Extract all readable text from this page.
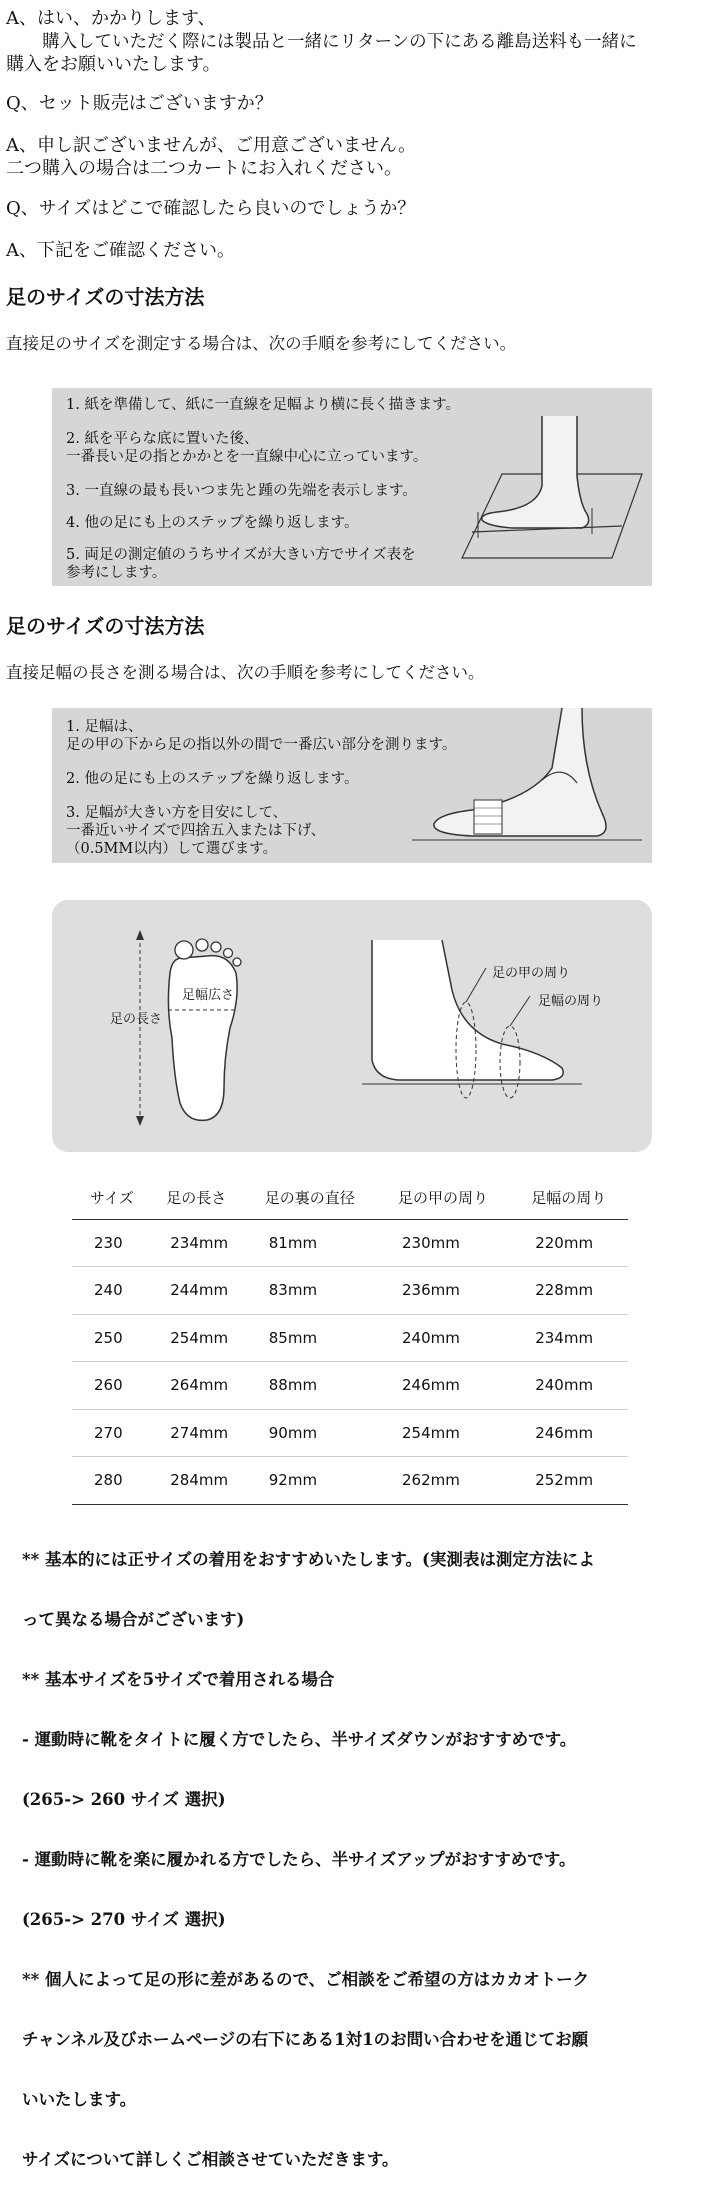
A、はい、かかりします、
購入していただく際には製品と一緒にリターンの下にある離島送料も一緒に
購入をお願いいたします。
Q、セット販売はございますか？
A、申し訳ございませんが、ご用意ございません。
二つ購入の場合は二つカートにお入れください。
Q、サイズはどこで確認したら良いのでしょうか？
A、下記をご確認ください。
足のサイズの寸法方法
直接足のサイズを測定する場合は、次の手順を参考にしてください。
1. 紙を準備して、紙に一直線を足幅より横に長く描きます。
2. 紙を平らな底に置いた後、
一番長い足の指とかかとを一直線中心に立っています。
3. 一直線の最も長いつま先と踵の先端を表示します。
4. 他の足にも上のステップを繰り返します。
5. 両足の測定値のうちサイズが大きい方でサイズ表を
参考にします。
足のサイズの寸法方法
直接足幅の長さを測る場合は、次の手順を参考にしてください。
1. 足幅は、
足の甲の下から足の指以外の間で一番広い部分を測ります。
2. 他の足にも上のステップを繰り返します。
3. 足幅が大きい方を目安にして、
一番近いサイズで四捨五入または下げ、
（0.5MM以内）して選びます。
足の長さ
足幅広さ
足の甲の周り
足幅の周り
サイズ	足の長さ	足の裏の直径	足の甲の周り	足幅の周り
230	234mm	81mm	230mm	220mm
240	244mm	83mm	236mm	228mm
250	254mm	85mm	240mm	234mm
260	264mm	88mm	246mm	240mm
270	274mm	90mm	254mm	246mm
280	284mm	92mm	262mm	252mm

** 基本的には正サイズの着用をおすすめいたします。(実測表は測定方法によ

って異なる場合がございます)

** 基本サイズを5サイズで着用される場合

- 運動時に靴をタイトに履く方でしたら、半サイズダウンがおすすめです。

(265-> 260 サイズ 選択)

- 運動時に靴を楽に履かれる方でしたら、半サイズアップがおすすめです。

(265-> 270 サイズ 選択)

** 個人によって足の形に差があるので、ご相談をご希望の方はカカオトーク

チャンネル及びホームページの右下にある1対1のお問い合わせを通じてお願

いいたします。

サイズについて詳しくご相談させていただきます。
